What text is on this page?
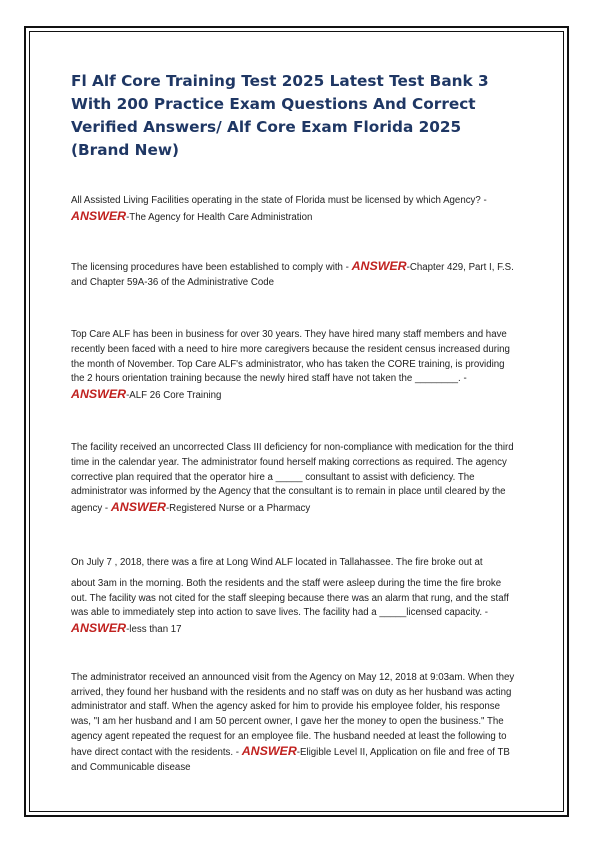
Fl Alf Core Training Test 2025 Latest Test Bank 3 With 200 Practice Exam Questions And Correct Verified Answers/ Alf Core Exam Florida 2025 (Brand New)

All Assisted Living Facilities operating in the state of Florida must be licensed by which Agency? - ANSWER-The Agency for Health Care Administration

The licensing procedures have been established to comply with - ANSWER-Chapter 429, Part I, F.S. and Chapter 59A-36 of the Administrative Code

Top Care ALF has been in business for over 30 years. They have hired many staff members and have recently been faced with a need to hire more caregivers because the resident census increased during the month of November. Top Care ALF's administrator, who has taken the CORE training, is providing the 2 hours orientation training because the newly hired staff have not taken the ________. - ANSWER-ALF 26 Core Training

The facility received an uncorrected Class III deficiency for non-compliance with medication for the third time in the calendar year. The administrator found herself making corrections as required. The agency corrective plan required that the operator hire a _____ consultant to assist with deficiency. The administrator was informed by the Agency that the consultant is to remain in place until cleared by the agency - ANSWER-Registered Nurse or a Pharmacy

On July 7 , 2018, there was a fire at Long Wind ALF located in Tallahassee. The fire broke out at
about 3am in the morning. Both the residents and the staff were asleep during the time the fire broke out. The facility was not cited for the staff sleeping because there was an alarm that rung, and the staff was able to immediately step into action to save lives. The facility had a _____licensed capacity. - ANSWER-less than 17

The administrator received an announced visit from the Agency on May 12, 2018 at 9:03am. When they arrived, they found her husband with the residents and no staff was on duty as her husband was acting administrator and staff. When the agency asked for him to provide his employee folder, his response was, "I am her husband and I am 50 percent owner, I gave her the money to open the business." The agency agent repeated the request for an employee file. The husband needed at least the following to have direct contact with the residents. - ANSWER-Eligible Level II, Application on file and free of TB and Communicable disease
